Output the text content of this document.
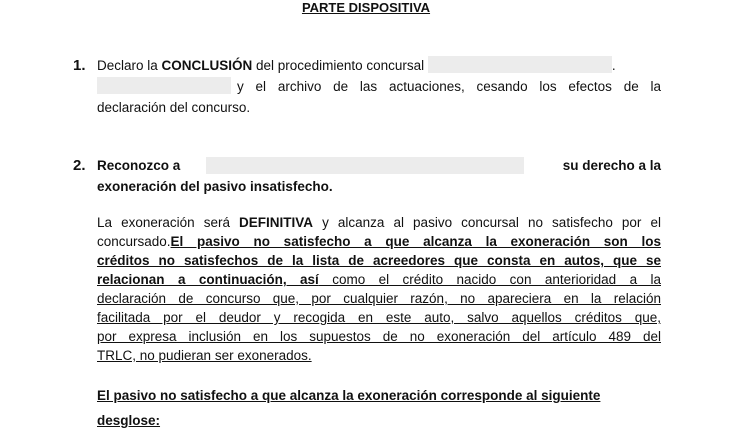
PARTE DISPOSITIVA
1. Declaro la CONCLUSIÓN del procedimiento concursal	.
y el archivo de las actuaciones, cesando los efectos de la
declaración del concurso.
2. Reconozco a	su derecho a la
exoneración del pasivo insatisfecho.
La exoneración será DEFINITIVA y alcanza al pasivo concursal no satisfecho por el
concursado.El pasivo no satisfecho a que alcanza la exoneración son los
créditos no satisfechos de la lista de acreedores que consta en autos, que se
relacionan a continuación, así como el crédito nacido con anterioridad a la
declaración de concurso que, por cualquier razón, no apareciera en la relación
facilitada por el deudor y recogida en este auto, salvo aquellos créditos que,
por expresa inclusión en los supuestos de no exoneración del artículo 489 del
TRLC, no pudieran ser exonerados.
El pasivo no satisfecho a que alcanza la exoneración corresponde al siguiente
desglose:
